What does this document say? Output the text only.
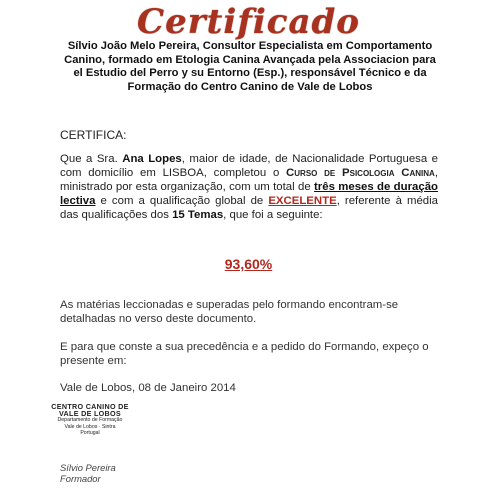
Certificado
Sílvio João Melo Pereira, Consultor Especialista em Comportamento Canino, formado em Etologia Canina Avançada pela Associacion para el Estudio del Perro y su Entorno (Esp.), responsável Técnico e da Formação do Centro Canino de Vale de Lobos
CERTIFICA:
Que a Sra. Ana Lopes, maior de idade, de Nacionalidade Portuguesa e com domicílio em LISBOA, completou o Curso de Psicologia Canina, ministrado por esta organização, com um total de três meses de duração lectiva e com a qualificação global de EXCELENTE, referente à média das qualificações dos 15 Temas, que foi a seguinte:
93,60%
As matérias leccionadas e superadas pelo formando encontram-se detalhadas no verso deste documento.
E para que conste a sua precedência e a pedido do Formando, expeço o presente em:
Vale de Lobos, 08 de Janeiro 2014
CENTRO CANINO DE
VALE DE LOBOS
Departamento de Formação
Vale de Lobos · Sintra
Portugal
Sílvio Pereira
Formador
